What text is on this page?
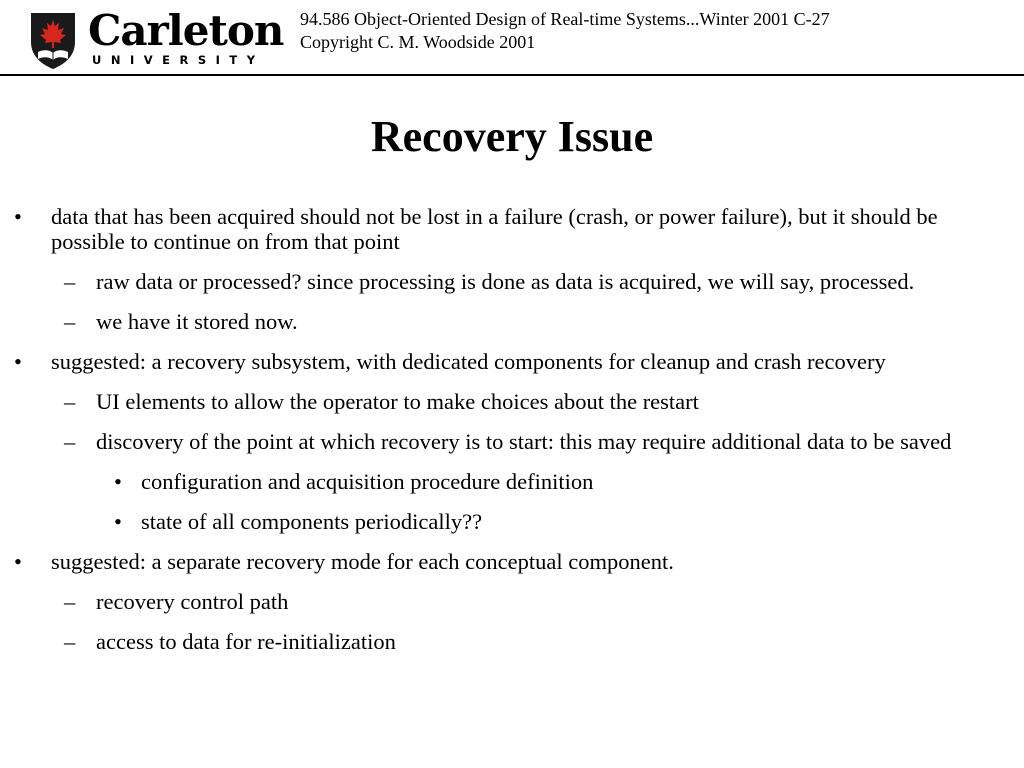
Carleton
UNIVERSITY
94.586 Object-Oriented Design of Real-time Systems...Winter 2001 C-27
Copyright C. M. Woodside 2001
Recovery Issue
• data that has been acquired should not be lost in a failure (crash, or power failure), but it should be possible to continue on from that point
– raw data or processed? since processing is done as data is acquired, we will say, processed.
– we have it stored now.
• suggested: a recovery subsystem, with dedicated components for cleanup and crash recovery
– UI elements to allow the operator to make choices about the restart
– discovery of the point at which recovery is to start: this may require additional data to be saved
• configuration and acquisition procedure definition
• state of all components periodically??
• suggested: a separate recovery mode for each conceptual component.
– recovery control path
– access to data for re-initialization
